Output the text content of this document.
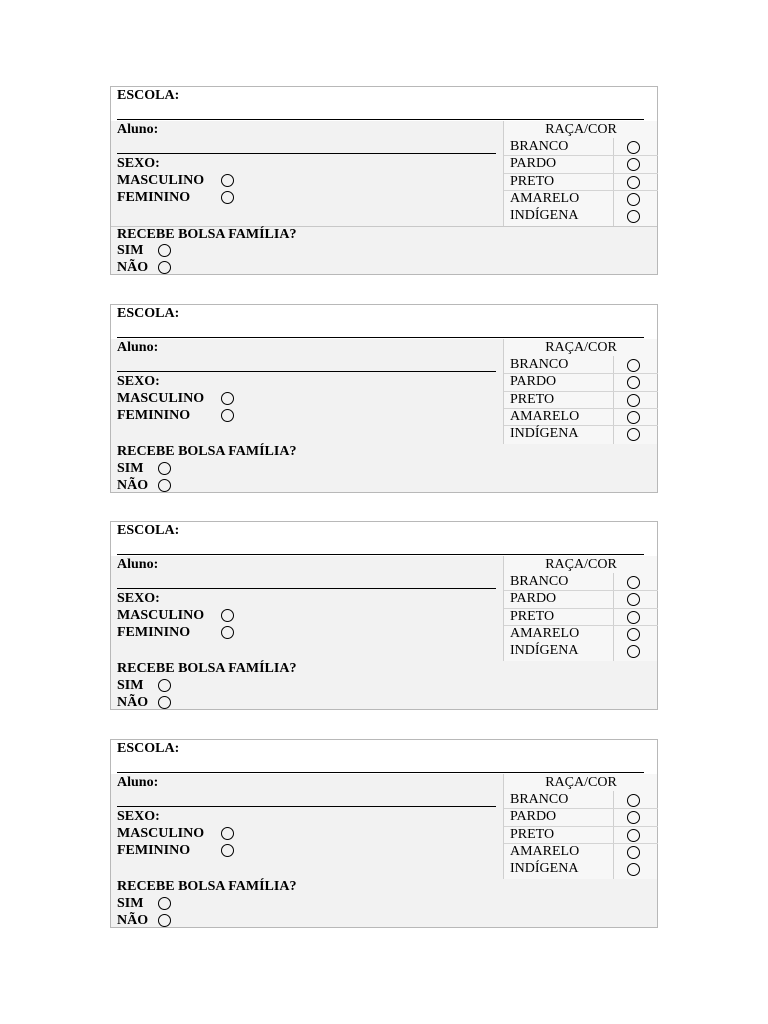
ESCOLA:
Aluno:	RAÇA/COR
BRANCO
PARDO
PRETO
AMARELO
INDÍGENA
SEXO:
MASCULINO
FEMININO
RECEBE BOLSA FAMÍLIA?
SIM
NÃO
ESCOLA:
Aluno:	RAÇA/COR
BRANCO
PARDO
PRETO
AMARELO
INDÍGENA
SEXO:
MASCULINO
FEMININO
RECEBE BOLSA FAMÍLIA?
SIM
NÃO
ESCOLA:
Aluno:	RAÇA/COR
BRANCO
PARDO
PRETO
AMARELO
INDÍGENA
SEXO:
MASCULINO
FEMININO
RECEBE BOLSA FAMÍLIA?
SIM
NÃO
ESCOLA:
Aluno:	RAÇA/COR
BRANCO
PARDO
PRETO
AMARELO
INDÍGENA
SEXO:
MASCULINO
FEMININO
RECEBE BOLSA FAMÍLIA?
SIM
NÃO
